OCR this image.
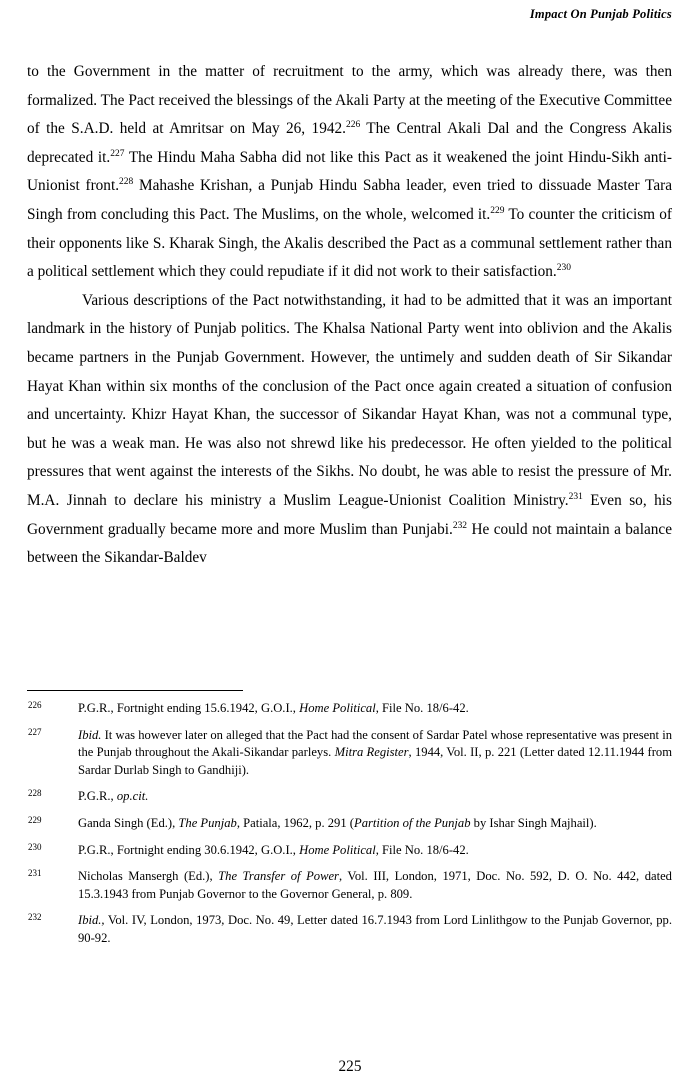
Impact On Punjab Politics

to the Government in the matter of recruitment to the army, which was already there, was then formalized. The Pact received the blessings of the Akali Party at the meeting of the Executive Committee of the S.A.D. held at Amritsar on May 26, 1942.$^{226}$ The Central Akali Dal and the Congress Akalis deprecated it.$^{227}$ The Hindu Maha Sabha did not like this Pact as it weakened the joint Hindu-Sikh anti-Unionist front.$^{228}$ Mahashe Krishan, a Punjab Hindu Sabha leader, even tried to dissuade Master Tara Singh from concluding this Pact. The Muslims, on the whole, welcomed it.$^{229}$ To counter the criticism of their opponents like S. Kharak Singh, the Akalis described the Pact as a communal settlement rather than a political settlement which they could repudiate if it did not work to their satisfaction.$^{230}$

Various descriptions of the Pact notwithstanding, it had to be admitted that it was an important landmark in the history of Punjab politics. The Khalsa National Party went into oblivion and the Akalis became partners in the Punjab Government. However, the untimely and sudden death of Sir Sikandar Hayat Khan within six months of the conclusion of the Pact once again created a situation of confusion and uncertainty. Khizr Hayat Khan, the successor of Sikandar Hayat Khan, was not a communal type, but he was a weak man. He was also not shrewd like his predecessor. He often yielded to the political pressures that went against the interests of the Sikhs. No doubt, he was able to resist the pressure of Mr. M.A. Jinnah to declare his ministry a Muslim League-Unionist Coalition Ministry.$^{231}$ Even so, his Government gradually became more and more Muslim than Punjabi.$^{232}$ He could not maintain a balance between the Sikandar-Baldev

226	P.G.R., Fortnight ending 15.6.1942, G.O.I., Home Political, File No. 18/6-42.
227	Ibid. It was however later on alleged that the Pact had the consent of Sardar Patel whose representative was present in the Punjab throughout the Akali-Sikandar parleys. Mitra Register, 1944, Vol. II, p. 221 (Letter dated 12.11.1944 from Sardar Durlab Singh to Gandhiji).
228	P.G.R., op.cit.
229	Ganda Singh (Ed.), The Punjab, Patiala, 1962, p. 291 (Partition of the Punjab by Ishar Singh Majhail).
230	P.G.R., Fortnight ending 30.6.1942, G.O.I., Home Political, File No. 18/6-42.
231	Nicholas Mansergh (Ed.), The Transfer of Power, Vol. III, London, 1971, Doc. No. 592, D. O. No. 442, dated 15.3.1943 from Punjab Governor to the Governor General, p. 809.
232	Ibid., Vol. IV, London, 1973, Doc. No. 49, Letter dated 16.7.1943 from Lord Linlithgow to the Punjab Governor, pp. 90-92.
225
